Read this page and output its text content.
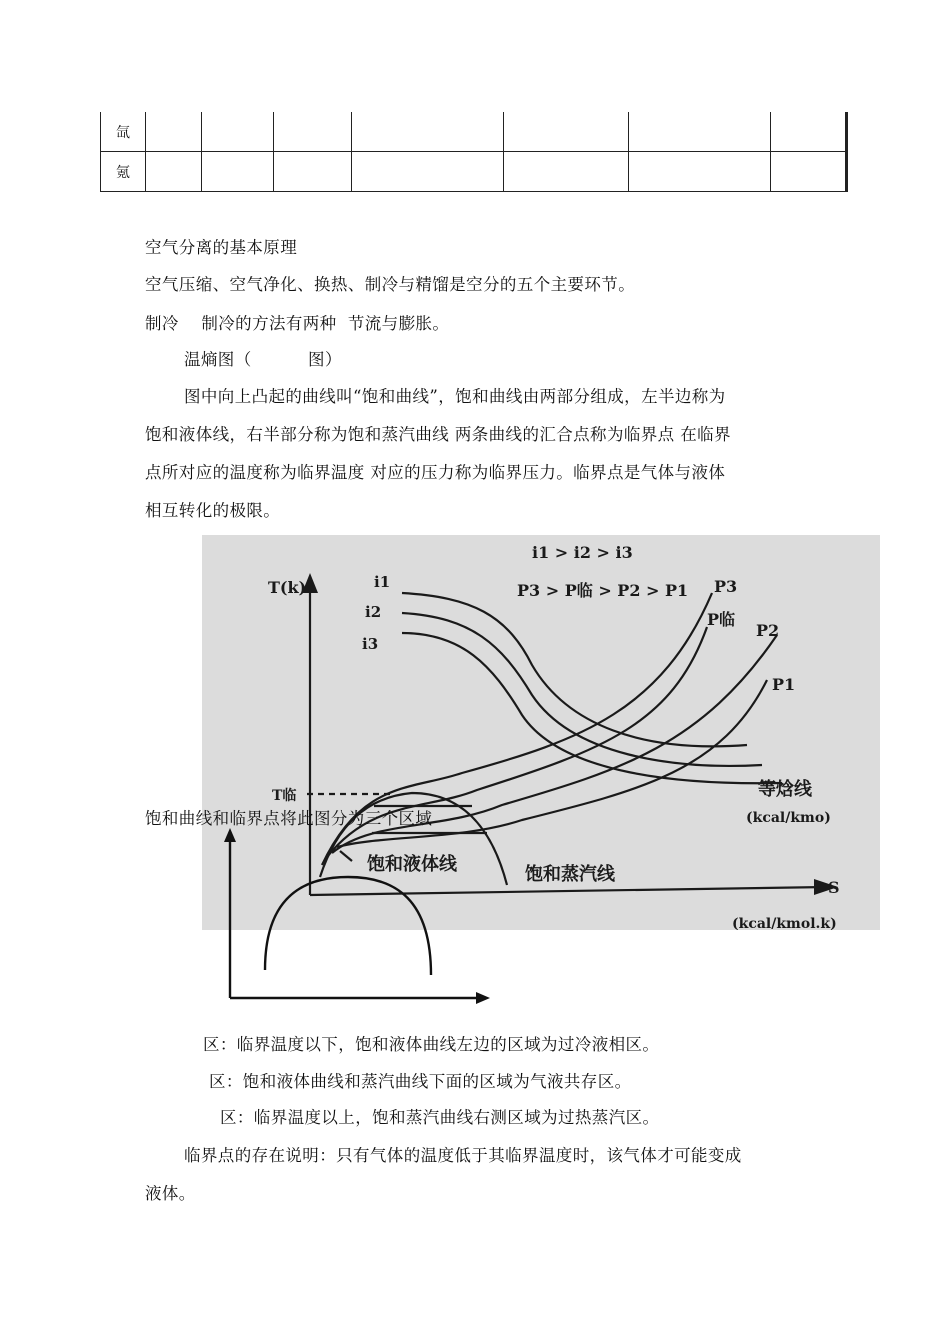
氙							
氪							
空气分离的基本原理
空气压缩、空气净化、换热、制冷与精馏是空分的五个主要环节。
制冷    制冷的方法有两种  节流与膨胀。
温熵图（          图）
图中向上凸起的曲线叫“饱和曲线”，饱和曲线由两部分组成，左半边称为
饱和液体线，右半部分称为饱和蒸汽曲线 两条曲线的汇合点称为临界点 在临界
点所对应的温度称为临界温度 对应的压力称为临界压力。临界点是气体与液体
相互转化的极限。
T(k)
S
(kcal/kmol.k)
i1 > i2 > i3
P3 > P临 > P2 > P1
i1
i2
i3
P3
P临
P2
P1
T临	等焓线
(kcal/kmo)
饱和液体线	饱和蒸汽线
饱和曲线和临界点将此图分为三个区域
区：临界温度以下，饱和液体曲线左边的区域为过冷液相区。
区：饱和液体曲线和蒸汽曲线下面的区域为气液共存区。
区：临界温度以上，饱和蒸汽曲线右测区域为过热蒸汽区。
临界点的存在说明：只有气体的温度低于其临界温度时，该气体才可能变成
液体。
